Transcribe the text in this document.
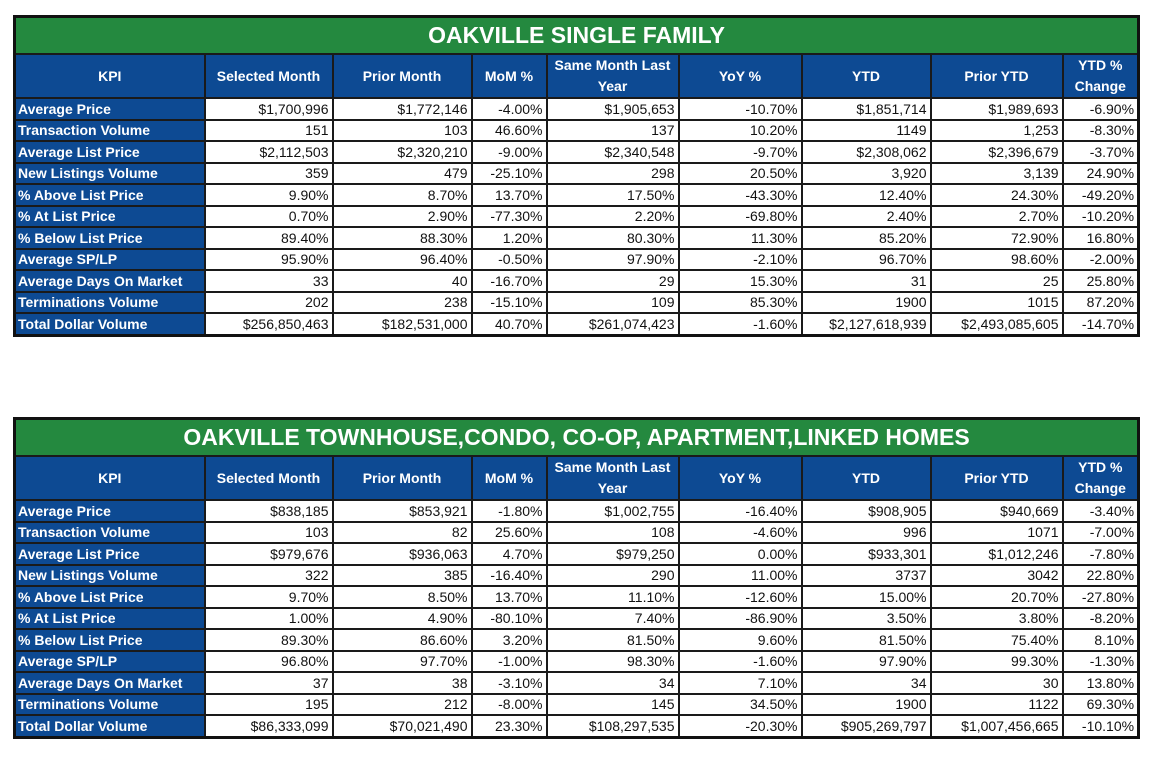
OAKVILLE SINGLE FAMILY								
KPI	Selected Month	Prior Month	MoM %	Same Month Last Year	YoY %	YTD	Prior YTD	YTD % Change
Average Price	$1,700,996	$1,772,146	-4.00%	$1,905,653	-10.70%	$1,851,714	$1,989,693	-6.90%
Transaction Volume	151	103	46.60%	137	10.20%	1149	1,253	-8.30%
Average List Price	$2,112,503	$2,320,210	-9.00%	$2,340,548	-9.70%	$2,308,062	$2,396,679	-3.70%
New Listings Volume	359	479	-25.10%	298	20.50%	3,920	3,139	24.90%
% Above List Price	9.90%	8.70%	13.70%	17.50%	-43.30%	12.40%	24.30%	-49.20%
% At List Price	0.70%	2.90%	-77.30%	2.20%	-69.80%	2.40%	2.70%	-10.20%
% Below List Price	89.40%	88.30%	1.20%	80.30%	11.30%	85.20%	72.90%	16.80%
Average SP/LP	95.90%	96.40%	-0.50%	97.90%	-2.10%	96.70%	98.60%	-2.00%
Average Days On Market	33	40	-16.70%	29	15.30%	31	25	25.80%
Terminations Volume	202	238	-15.10%	109	85.30%	1900	1015	87.20%
Total Dollar Volume	$256,850,463	$182,531,000	40.70%	$261,074,423	-1.60%	$2,127,618,939	$2,493,085,605	-14.70%
OAKVILLE TOWNHOUSE,CONDO, CO-OP, APARTMENT,LINKED HOMES								
KPI	Selected Month	Prior Month	MoM %	Same Month Last Year	YoY %	YTD	Prior YTD	YTD % Change
Average Price	$838,185	$853,921	-1.80%	$1,002,755	-16.40%	$908,905	$940,669	-3.40%
Transaction Volume	103	82	25.60%	108	-4.60%	996	1071	-7.00%
Average List Price	$979,676	$936,063	4.70%	$979,250	0.00%	$933,301	$1,012,246	-7.80%
New Listings Volume	322	385	-16.40%	290	11.00%	3737	3042	22.80%
% Above List Price	9.70%	8.50%	13.70%	11.10%	-12.60%	15.00%	20.70%	-27.80%
% At List Price	1.00%	4.90%	-80.10%	7.40%	-86.90%	3.50%	3.80%	-8.20%
% Below List Price	89.30%	86.60%	3.20%	81.50%	9.60%	81.50%	75.40%	8.10%
Average SP/LP	96.80%	97.70%	-1.00%	98.30%	-1.60%	97.90%	99.30%	-1.30%
Average Days On Market	37	38	-3.10%	34	7.10%	34	30	13.80%
Terminations Volume	195	212	-8.00%	145	34.50%	1900	1122	69.30%
Total Dollar Volume	$86,333,099	$70,021,490	23.30%	$108,297,535	-20.30%	$905,269,797	$1,007,456,665	-10.10%
